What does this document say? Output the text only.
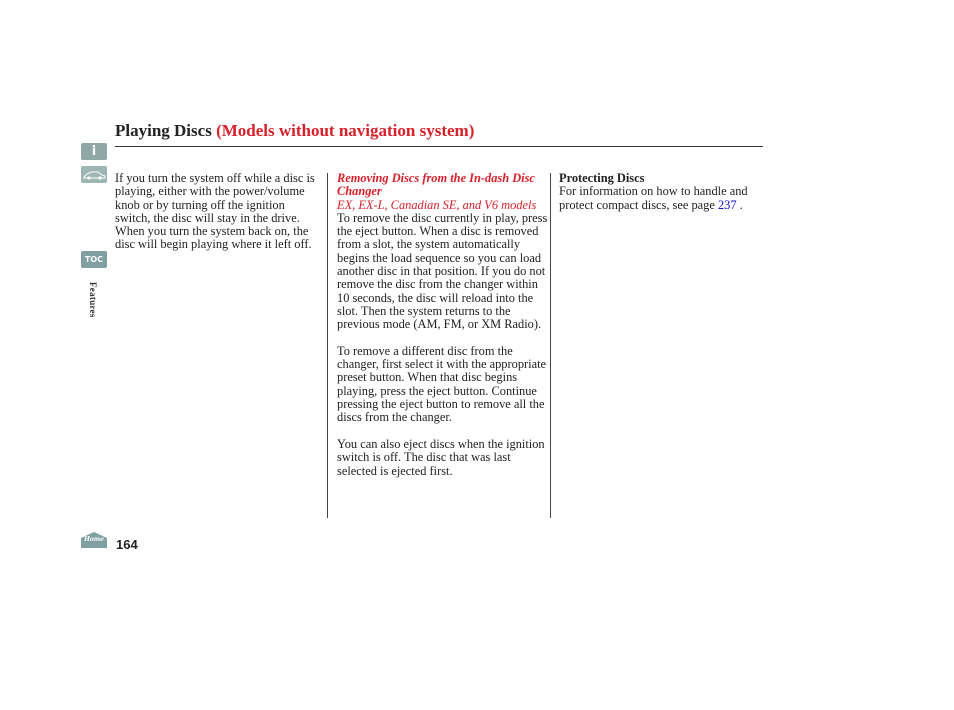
Playing Discs (Models without navigation system)
i
TOC
Features
Home 164

If you turn the system off while a disc is playing, either with the power/volume knob or by turning off the ignition switch, the disc will stay in the drive. When you turn the system back on, the disc will begin playing where it left off.

Removing Discs from the In-dash Disc Changer

EX, EX-L, Canadian SE, and V6 models

To remove the disc currently in play, press the eject button. When a disc is removed from a slot, the system automatically begins the load sequence so you can load another disc in that position. If you do not remove the disc from the changer within 10 seconds, the disc will reload into the slot. Then the system returns to the previous mode (AM, FM, or XM Radio).

To remove a different disc from the changer, first select it with the appropriate preset button. When that disc begins playing, press the eject button. Continue pressing the eject button to remove all the discs from the changer.

You can also eject discs when the ignition switch is off. The disc that was last selected is ejected first.

Protecting Discs

For information on how to handle and protect compact discs, see page 237 .
